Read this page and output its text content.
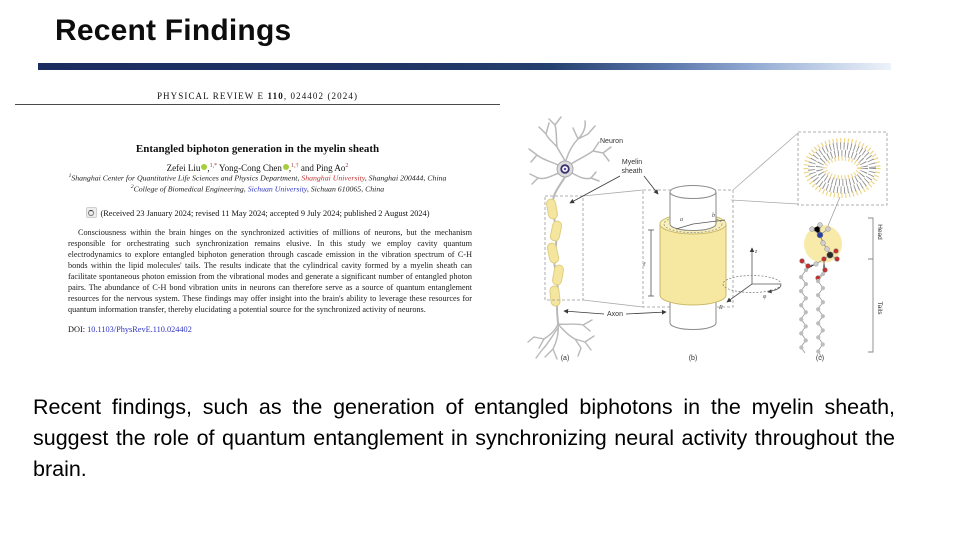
Recent Findings
PHYSICAL REVIEW E 110, 024402 (2024)
Entangled biphoton generation in the myelin sheath
Zefei Liu ,$^{1,*}$ Yong-Cong Chen ,$^{1,\dagger}$ and Ping Ao$^2$
$^1$Shanghai Center for Quantitative Life Sciences and Physics Department, Shanghai University, Shanghai 200444, China
$^2$College of Biomedical Engineering, Sichuan University, Sichuan 610065, China
(Received 23 January 2024; revised 11 May 2024; accepted 9 July 2024; published 2 August 2024)

Consciousness within the brain hinges on the synchronized activities of millions of neurons, but the mechanism responsible for orchestrating such synchronization remains elusive. In this study we employ cavity quantum electrodynamics to explore entangled biphoton generation through cascade emission in the vibration spectrum of C-H bonds within the lipid molecules' tails. The results indicate that the cylindrical cavity formed by a myelin sheath can facilitate spontaneous photon emission from the vibrational modes and generate a significant number of entangled photon pairs. The abundance of C-H bond vibration units in neurons can therefore serve as a source of quantum entanglement resources for the nervous system. These findings may offer insight into the brain's ability to leverage these resources for quantum information transfer, thereby elucidating a potential source for the synchronized activity of neurons.

DOI: 10.1103/PhysRevE.110.024402
Neuron
(a)
a
b
ℓ
Myelin
sheath
Axon
(b)
z
R
φ
Head
Tails
(c)

Recent findings, such as the generation of entangled biphotons in the myelin sheath, suggest the role of quantum entanglement in synchronizing neural activity throughout the brain.
